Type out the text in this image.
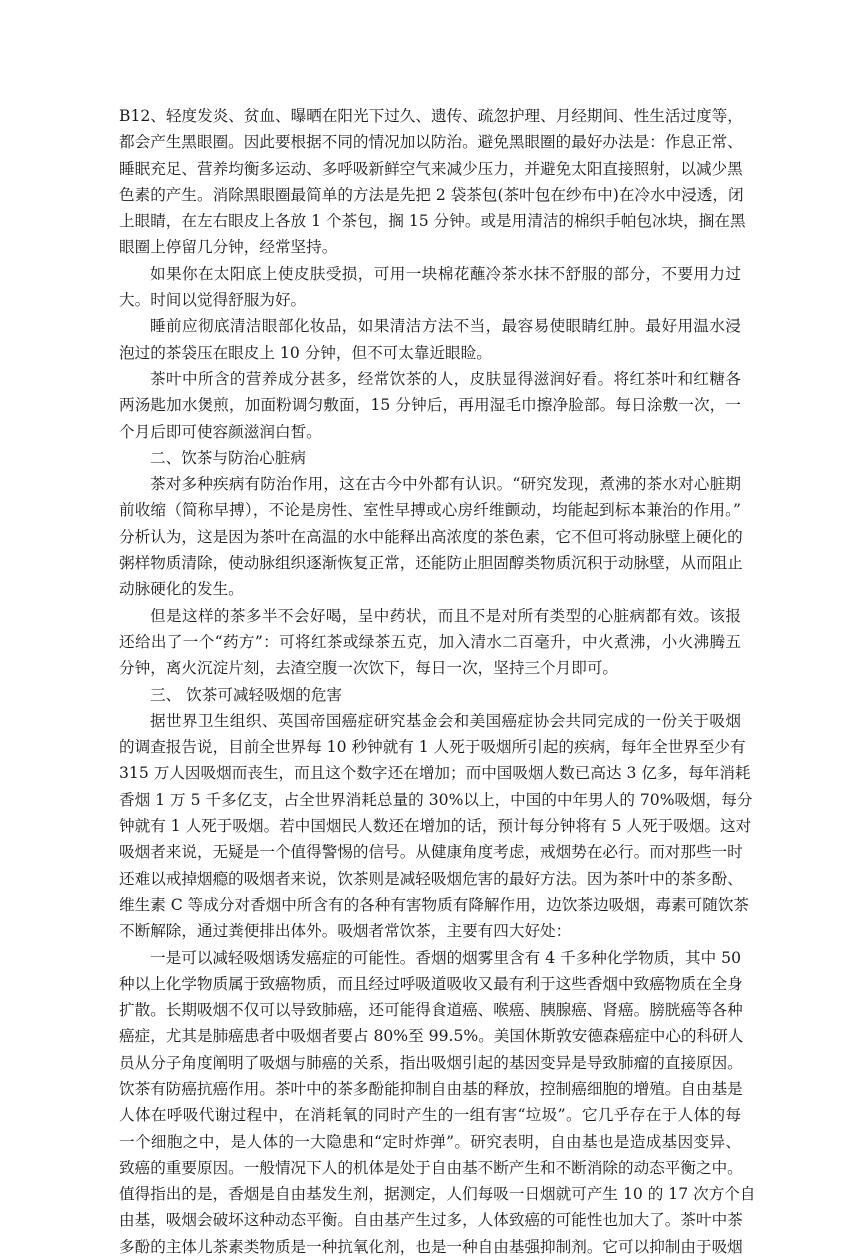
B12、轻度发炎、贫血、曝晒在阳光下过久、遗传、疏忽护理、月经期间、性生活过度等，
都会产生黑眼圈。因此要根据不同的情况加以防治。避免黑眼圈的最好办法是：作息正常、
睡眠充足、营养均衡多运动、多呼吸新鲜空气来减少压力，并避免太阳直接照射，以减少黑
色素的产生。消除黑眼圈最简单的方法是先把 2 袋茶包(茶叶包在纱布中)在冷水中浸透，闭
上眼睛，在左右眼皮上各放 1 个茶包，搁 15 分钟。或是用清洁的棉织手帕包冰块，搁在黑
眼圈上停留几分钟，经常坚持。
如果你在太阳底上使皮肤受损，可用一块棉花蘸冷茶水抹不舒服的部分，不要用力过
大。时间以觉得舒服为好。
睡前应彻底清洁眼部化妆品，如果清洁方法不当，最容易使眼睛红肿。最好用温水浸
泡过的茶袋压在眼皮上 10 分钟，但不可太靠近眼睑。
茶叶中所含的营养成分甚多，经常饮茶的人，皮肤显得滋润好看。将红茶叶和红糖各
两汤匙加水煲煎，加面粉调匀敷面，15 分钟后，再用湿毛巾擦净脸部。每日涂敷一次，一
个月后即可使容颜滋润白皙。
二、饮茶与防治心脏病
茶对多种疾病有防治作用，这在古今中外都有认识。“研究发现，煮沸的茶水对心脏期
前收缩（简称早搏），不论是房性、室性早搏或心房纤维颤动，均能起到标本兼治的作用。”
分析认为，这是因为茶叶在高温的水中能释出高浓度的茶色素，它不但可将动脉壁上硬化的
粥样物质清除，使动脉组织逐渐恢复正常，还能防止胆固醇类物质沉积于动脉壁，从而阻止
动脉硬化的发生。
但是这样的茶多半不会好喝，呈中药状，而且不是对所有类型的心脏病都有效。该报
还给出了一个“药方”：可将红茶或绿茶五克，加入清水二百毫升，中火煮沸，小火沸腾五
分钟，离火沉淀片刻，去渣空腹一次饮下，每日一次，坚持三个月即可。
三、 饮茶可减轻吸烟的危害
据世界卫生组织、英国帝国癌症研究基金会和美国癌症协会共同完成的一份关于吸烟
的调查报告说，目前全世界每 10 秒钟就有 1 人死于吸烟所引起的疾病，每年全世界至少有
315 万人因吸烟而丧生，而且这个数字还在增加；而中国吸烟人数已高达 3 亿多，每年消耗
香烟 1 万 5 千多亿支，占全世界消耗总量的 30%以上，中国的中年男人的 70%吸烟，每分
钟就有 1 人死于吸烟。若中国烟民人数还在增加的话，预计每分钟将有 5 人死于吸烟。这对
吸烟者来说，无疑是一个值得警惕的信号。从健康角度考虑，戒烟势在必行。而对那些一时
还难以戒掉烟瘾的吸烟者来说，饮茶则是减轻吸烟危害的最好方法。因为茶叶中的茶多酚、
维生素 C 等成分对香烟中所含有的各种有害物质有降解作用，边饮茶边吸烟，毒素可随饮茶
不断解除，通过粪便排出体外。吸烟者常饮茶，主要有四大好处：
一是可以减轻吸烟诱发癌症的可能性。香烟的烟雾里含有 4 千多种化学物质，其中 50
种以上化学物质属于致癌物质，而且经过呼吸道吸收又最有利于这些香烟中致癌物质在全身
扩散。长期吸烟不仅可以导致肺癌，还可能得食道癌、喉癌、胰腺癌、肾癌。膀胱癌等各种
癌症，尤其是肺癌患者中吸烟者要占 80%至 99.5%。美国休斯敦安德森癌症中心的科研人
员从分子角度阐明了吸烟与肺癌的关系，指出吸烟引起的基因变异是导致肺瘤的直接原因。
饮茶有防癌抗癌作用。茶叶中的茶多酚能抑制自由基的释放，控制癌细胞的增殖。自由基是
人体在呼吸代谢过程中，在消耗氧的同时产生的一组有害“垃圾”。它几乎存在于人体的每
一个细胞之中，是人体的一大隐患和“定时炸弹”。研究表明，自由基也是造成基因变异、
致癌的重要原因。一般情况下人的机体是处于自由基不断产生和不断消除的动态平衡之中。
值得指出的是，香烟是自由基发生剂，据测定，人们每吸一日烟就可产生 10 的 17 次方个自
由基，吸烟会破坏这种动态平衡。自由基产生过多，人体致癌的可能性也加大了。茶叶中茶
多酚的主体儿茶素类物质是一种抗氧化剂，也是一种自由基强抑制剂。它可以抑制由于吸烟
